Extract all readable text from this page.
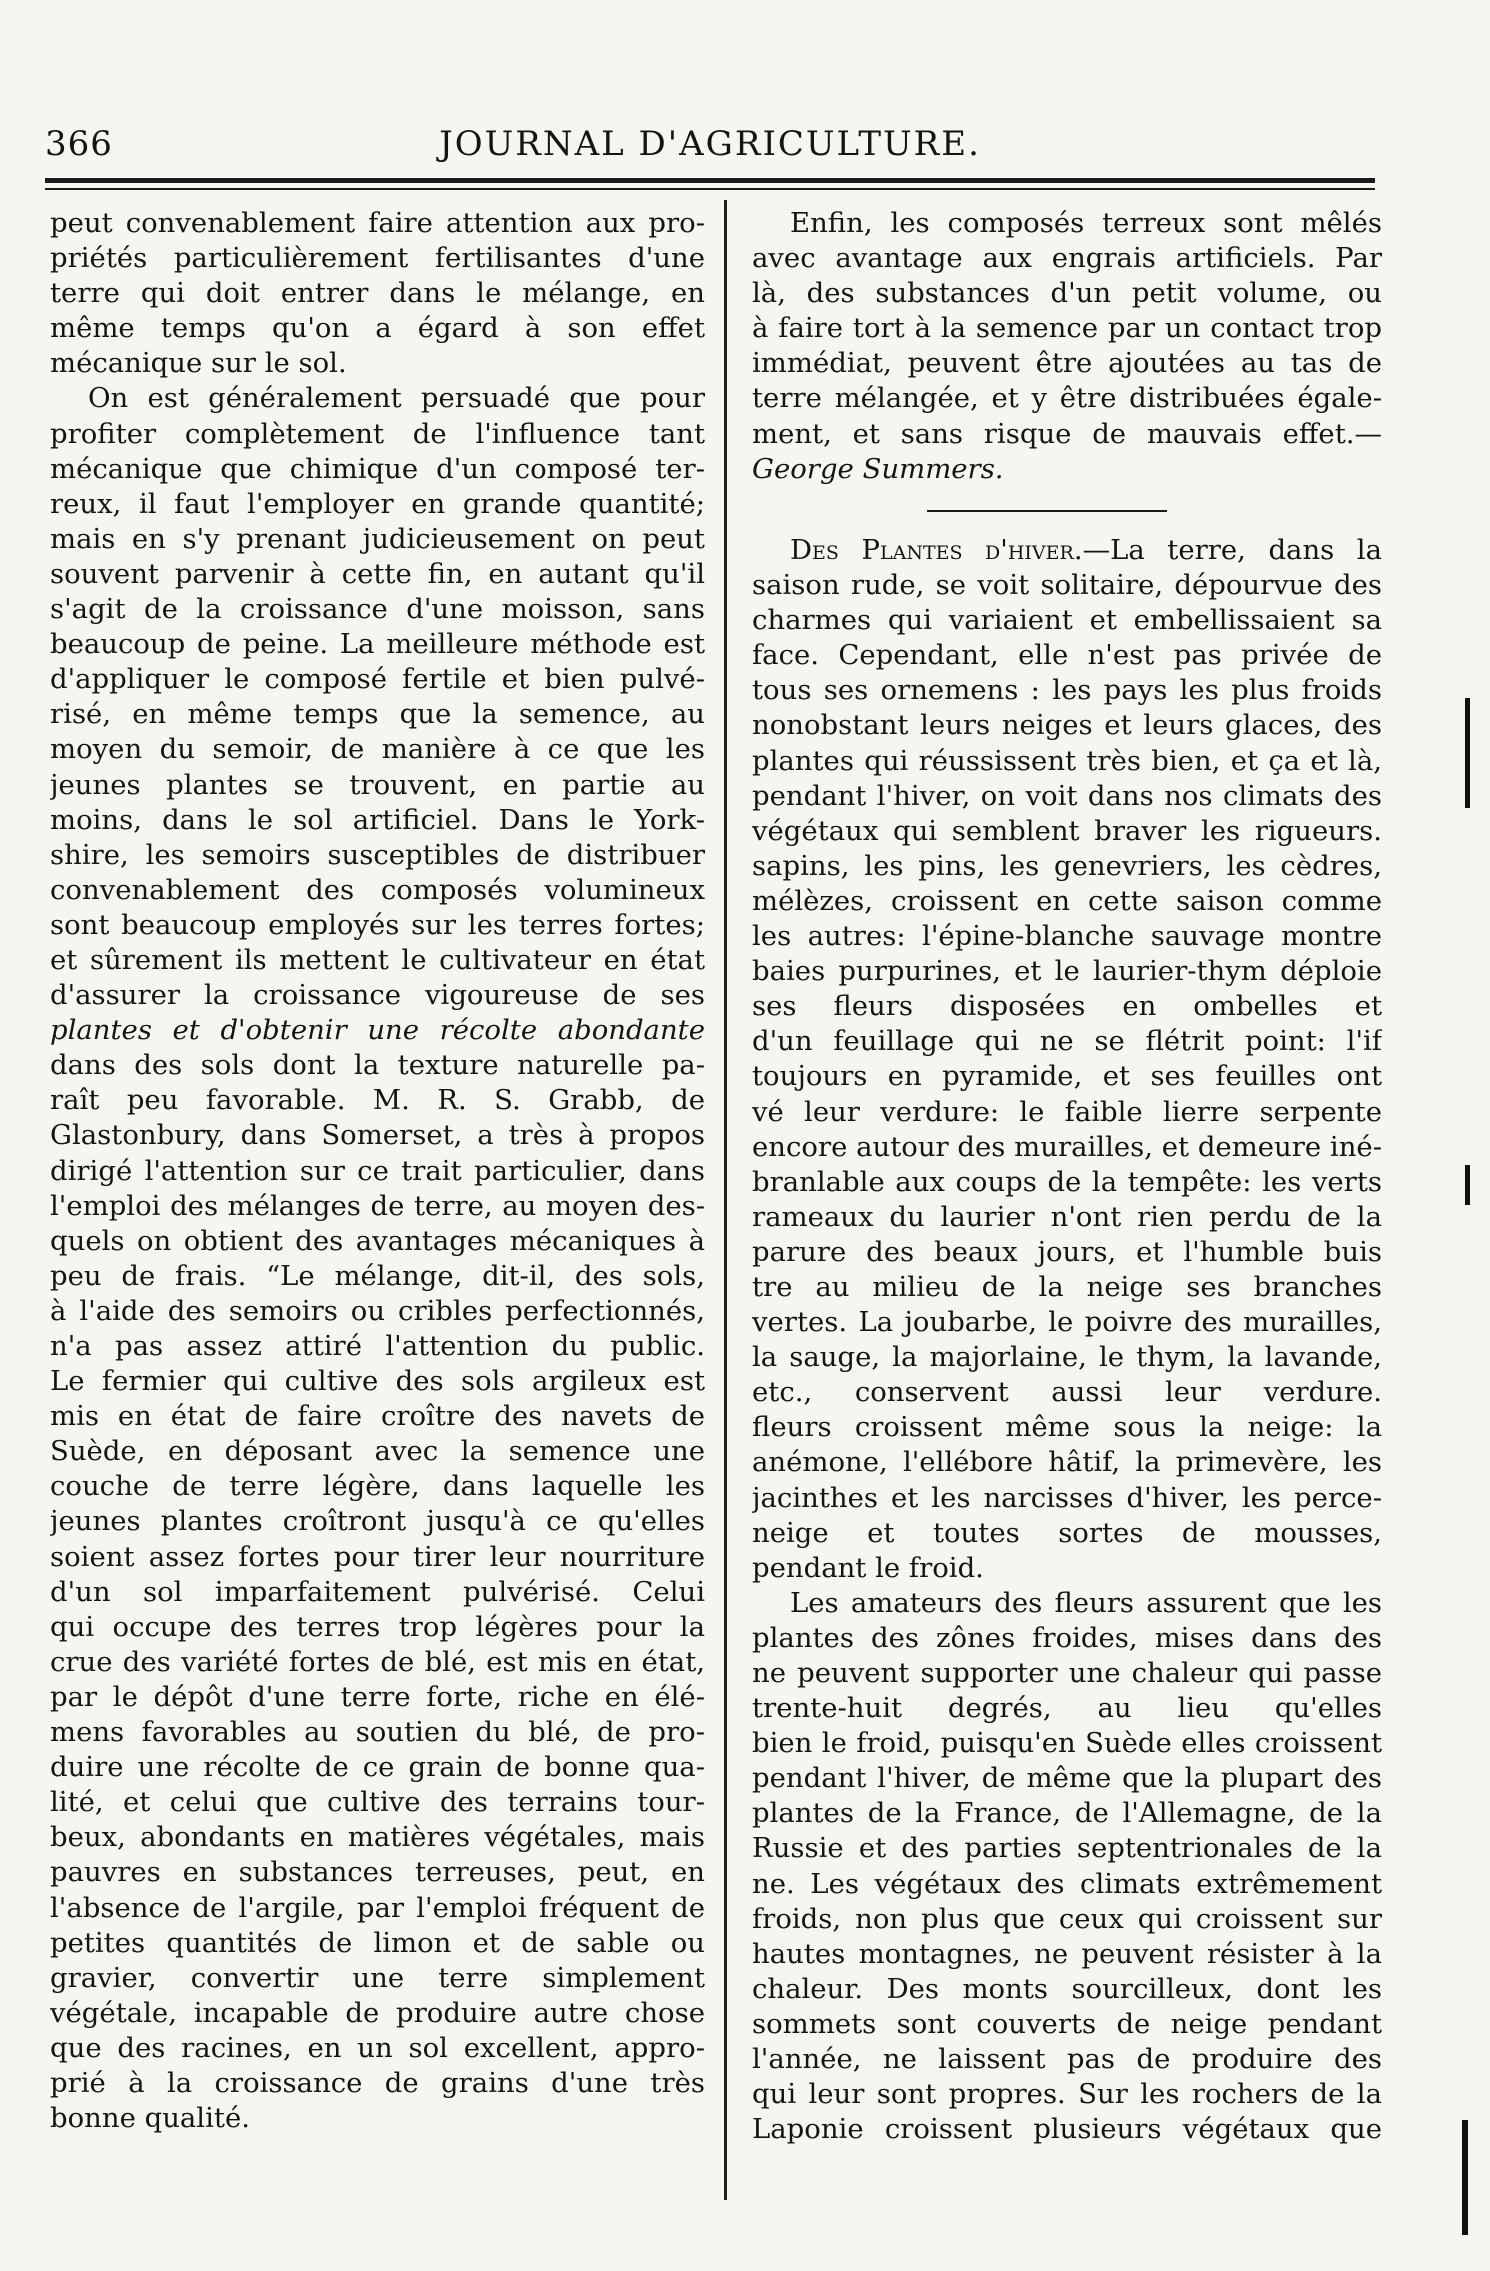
366	JOURNAL D'AGRICULTURE.
peut convenablement faire attention aux pro-
priétés particulièrement fertilisantes d'une
terre qui doit entrer dans le mélange, en
même temps qu'on a égard à son effet
mécanique sur le sol.
On est généralement persuadé que pour
profiter complètement de l'influence tant
mécanique que chimique d'un composé ter-
reux, il faut l'employer en grande quantité;
mais en s'y prenant judicieusement on peut
souvent parvenir à cette fin, en autant qu'il
s'agit de la croissance d'une moisson, sans
beaucoup de peine. La meilleure méthode est
d'appliquer le composé fertile et bien pulvé-
risé, en même temps que la semence, au
moyen du semoir, de manière à ce que les
jeunes plantes se trouvent, en partie au
moins, dans le sol artificiel. Dans le York-
shire, les semoirs susceptibles de distribuer
convenablement des composés volumineux
sont beaucoup employés sur les terres fortes;
et sûrement ils mettent le cultivateur en état
d'assurer la croissance vigoureuse de ses
plantes et d'obtenir une récolte abondante
dans des sols dont la texture naturelle pa-
raît peu favorable. M. R. S. Grabb, de
Glastonbury, dans Somerset, a très à propos
dirigé l'attention sur ce trait particulier, dans
l'emploi des mélanges de terre, au moyen des-
quels on obtient des avantages mécaniques à
peu de frais. “Le mélange, dit-il, des sols,
à l'aide des semoirs ou cribles perfectionnés,
n'a pas assez attiré l'attention du public.
Le fermier qui cultive des sols argileux est
mis en état de faire croître des navets de
Suède, en déposant avec la semence une
couche de terre légère, dans laquelle les
jeunes plantes croîtront jusqu'à ce qu'elles
soient assez fortes pour tirer leur nourriture
d'un sol imparfaitement pulvérisé. Celui
qui occupe des terres trop légères pour la
crue des variété fortes de blé, est mis en état,
par le dépôt d'une terre forte, riche en élé-
mens favorables au soutien du blé, de pro-
duire une récolte de ce grain de bonne qua-
lité, et celui que cultive des terrains tour-
beux, abondants en matières végétales, mais
pauvres en substances terreuses, peut, en
l'absence de l'argile, par l'emploi fréquent de
petites quantités de limon et de sable ou
gravier, convertir une terre simplement
végétale, incapable de produire autre chose
que des racines, en un sol excellent, appro-
prié à la croissance de grains d'une très
bonne qualité.
Enfin, les composés terreux sont mêlés
avec avantage aux engrais artificiels. Par
là, des substances d'un petit volume, ou
à faire tort à la semence par un contact trop
immédiat, peuvent être ajoutées au tas de
terre mélangée, et y être distribuées égale-
ment, et sans risque de mauvais effet.—
George Summers.
Des Plantes d'hiver.—La terre, dans la
saison rude, se voit solitaire, dépourvue des
charmes qui variaient et embellissaient sa
face. Cependant, elle n'est pas privée de
tous ses ornemens : les pays les plus froids
nonobstant leurs neiges et leurs glaces, des
plantes qui réussissent très bien, et ça et là,
pendant l'hiver, on voit dans nos climats des
végétaux qui semblent braver les rigueurs.
sapins, les pins, les genevriers, les cèdres,
mélèzes, croissent en cette saison comme
les autres: l'épine-blanche sauvage montre
baies purpurines, et le laurier-thym déploie
ses fleurs disposées en ombelles et
d'un feuillage qui ne se flétrit point: l'if
toujours en pyramide, et ses feuilles ont
vé leur verdure: le faible lierre serpente
encore autour des murailles, et demeure iné-
branlable aux coups de la tempête: les verts
rameaux du laurier n'ont rien perdu de la
parure des beaux jours, et l'humble buis
tre au milieu de la neige ses branches
vertes. La joubarbe, le poivre des murailles,
la sauge, la majorlaine, le thym, la lavande,
etc., conservent aussi leur verdure.
fleurs croissent même sous la neige: la
anémone, l'ellébore hâtif, la primevère, les
jacinthes et les narcisses d'hiver, les perce-
neige et toutes sortes de mousses,
pendant le froid.
Les amateurs des fleurs assurent que les
plantes des zônes froides, mises dans des
ne peuvent supporter une chaleur qui passe
trente-huit degrés, au lieu qu'elles
bien le froid, puisqu'en Suède elles croissent
pendant l'hiver, de même que la plupart des
plantes de la France, de l'Allemagne, de la
Russie et des parties septentrionales de la
ne. Les végétaux des climats extrêmement
froids, non plus que ceux qui croissent sur
hautes montagnes, ne peuvent résister à la
chaleur. Des monts sourcilleux, dont les
sommets sont couverts de neige pendant
l'année, ne laissent pas de produire des
qui leur sont propres. Sur les rochers de la
Laponie croissent plusieurs végétaux que
